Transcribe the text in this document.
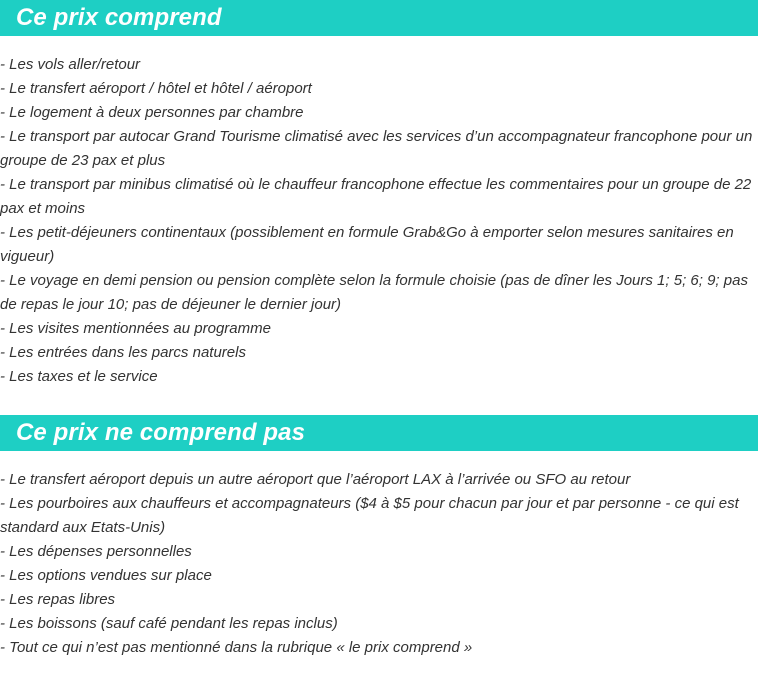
Ce prix comprend
- Les vols aller/retour
- Le transfert aéroport / hôtel et hôtel / aéroport
- Le logement à deux personnes par chambre
- Le transport par autocar Grand Tourisme climatisé avec les services d’un accompagnateur francophone pour un groupe de 23 pax et plus
- Le transport par minibus climatisé où le chauffeur francophone effectue les commentaires pour un groupe de 22 pax et moins
- Les petit-déjeuners continentaux (possiblement en formule Grab&Go à emporter selon mesures sanitaires en vigueur)
- Le voyage en demi pension ou pension complète selon la formule choisie (pas de dîner les Jours 1; 5; 6; 9; pas de repas le jour 10; pas de déjeuner le dernier jour)
- Les visites mentionnées au programme
- Les entrées dans les parcs naturels
- Les taxes et le service
Ce prix ne comprend pas
- Le transfert aéroport depuis un autre aéroport que l’aéroport LAX à l’arrivée ou SFO au retour
- Les pourboires aux chauffeurs et accompagnateurs ($4 à $5 pour chacun par jour et par personne - ce qui est standard aux Etats-Unis)
- Les dépenses personnelles
- Les options vendues sur place
- Les repas libres
- Les boissons (sauf café pendant les repas inclus)
- Tout ce qui n’est pas mentionné dans la rubrique « le prix comprend »
